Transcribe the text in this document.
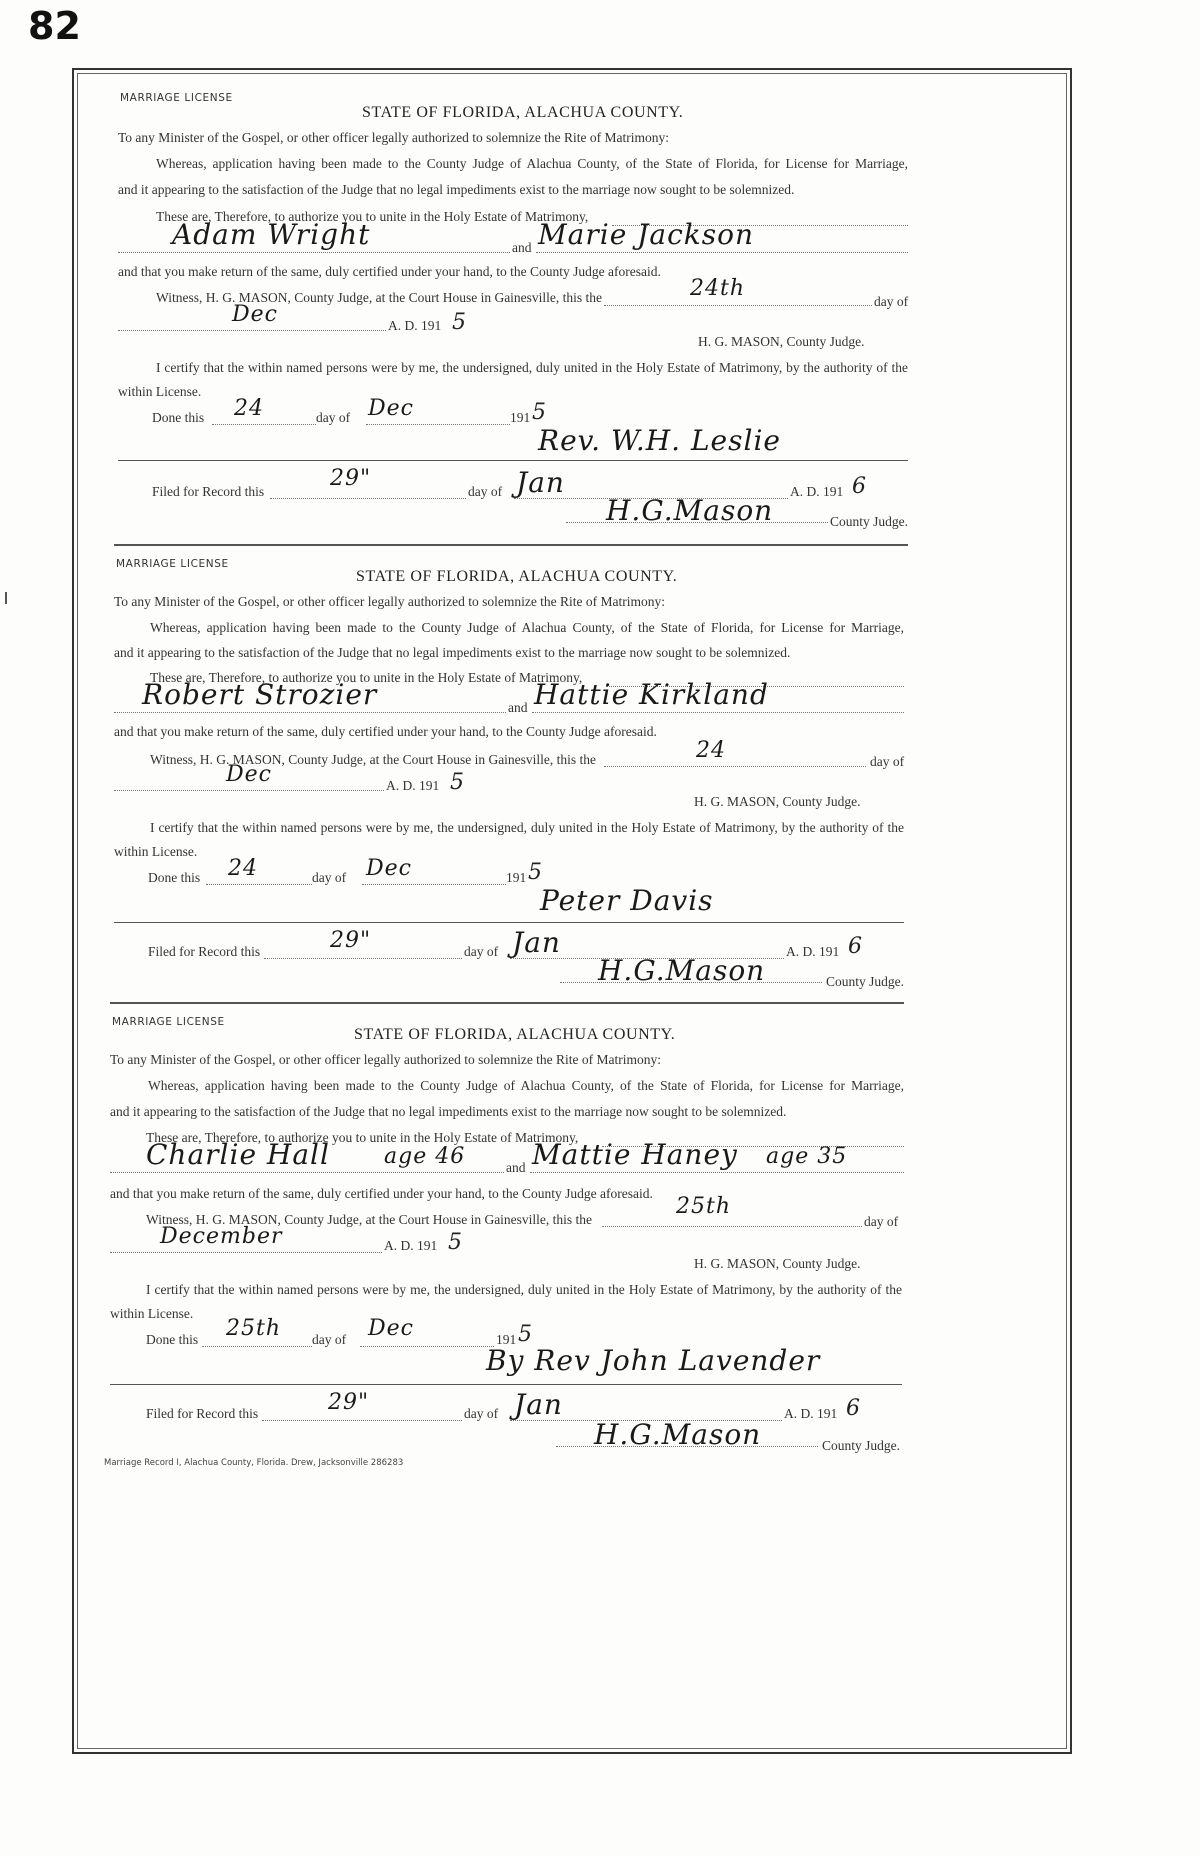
82
MARRIAGE LICENSE
STATE OF FLORIDA, ALACHUA COUNTY.
To any Minister of the Gospel, or other officer legally authorized to solemnize the Rite of Matrimony:
Whereas, application having been made to the County Judge of Alachua County, of the State of Florida, for License for Marriage,
and it appearing to the satisfaction of the Judge that no legal impediments exist to the marriage now sought to be solemnized.
These are, Therefore, to authorize you to unite in the Holy Estate of Matrimony,
Adam Wright	and Marie Jackson
and that you make return of the same, duly certified under your hand, to the County Judge aforesaid.
Witness, H. G. MASON, County Judge, at the Court House in Gainesville, this the	24th
day of
Dec	A. D. 191 5
H. G. MASON, County Judge.
I certify that the within named persons were by me, the undersigned, duly united in the Holy Estate of Matrimony, by the authority of the
within License.
Done this 24	day of Dec	191 5
Rev. W.H. Leslie
Filed for Record this
29"
day of Jan	A. D. 191 6
H.G.Mason	County Judge.
MARRIAGE LICENSE
STATE OF FLORIDA, ALACHUA COUNTY.
To any Minister of the Gospel, or other officer legally authorized to solemnize the Rite of Matrimony:
Whereas, application having been made to the County Judge of Alachua County, of the State of Florida, for License for Marriage,
and it appearing to the satisfaction of the Judge that no legal impediments exist to the marriage now sought to be solemnized.
These are, Therefore, to authorize you to unite in the Holy Estate of Matrimony,
Robert Strozier	and Hattie Kirkland
and that you make return of the same, duly certified under your hand, to the County Judge aforesaid.
Witness, H. G. MASON, County Judge, at the Court House in Gainesville, this the	24	day of
Dec	A. D. 191 5
H. G. MASON, County Judge.
I certify that the within named persons were by me, the undersigned, duly united in the Holy Estate of Matrimony, by the authority of the
within License.
Done this 24	day of Dec	191 5
Peter Davis
Filed for Record this	29"	day of Jan	A. D. 191 6
H.G.Mason	County Judge.
MARRIAGE LICENSE
STATE OF FLORIDA, ALACHUA COUNTY.
To any Minister of the Gospel, or other officer legally authorized to solemnize the Rite of Matrimony:
Whereas, application having been made to the County Judge of Alachua County, of the State of Florida, for License for Marriage,
and it appearing to the satisfaction of the Judge that no legal impediments exist to the marriage now sought to be solemnized.
These are, Therefore, to authorize you to unite in the Holy Estate of Matrimony,
Charlie Hall age 46	and Mattie Haney age 35
and that you make return of the same, duly certified under your hand, to the County Judge aforesaid.
Witness, H. G. MASON, County Judge, at the Court House in Gainesville, this the
25th
day of
December	A. D. 191 5
H. G. MASON, County Judge.
I certify that the within named persons were by me, the undersigned, duly united in the Holy Estate of Matrimony, by the authority of the
within License.
Done this 25th day of Dec	191 5
By Rev John Lavender
Filed for Record this	29"	day of Jan	A. D. 191 6
H.G.Mason	County Judge.
Marriage Record I, Alachua County, Florida. Drew, Jacksonville 286283
